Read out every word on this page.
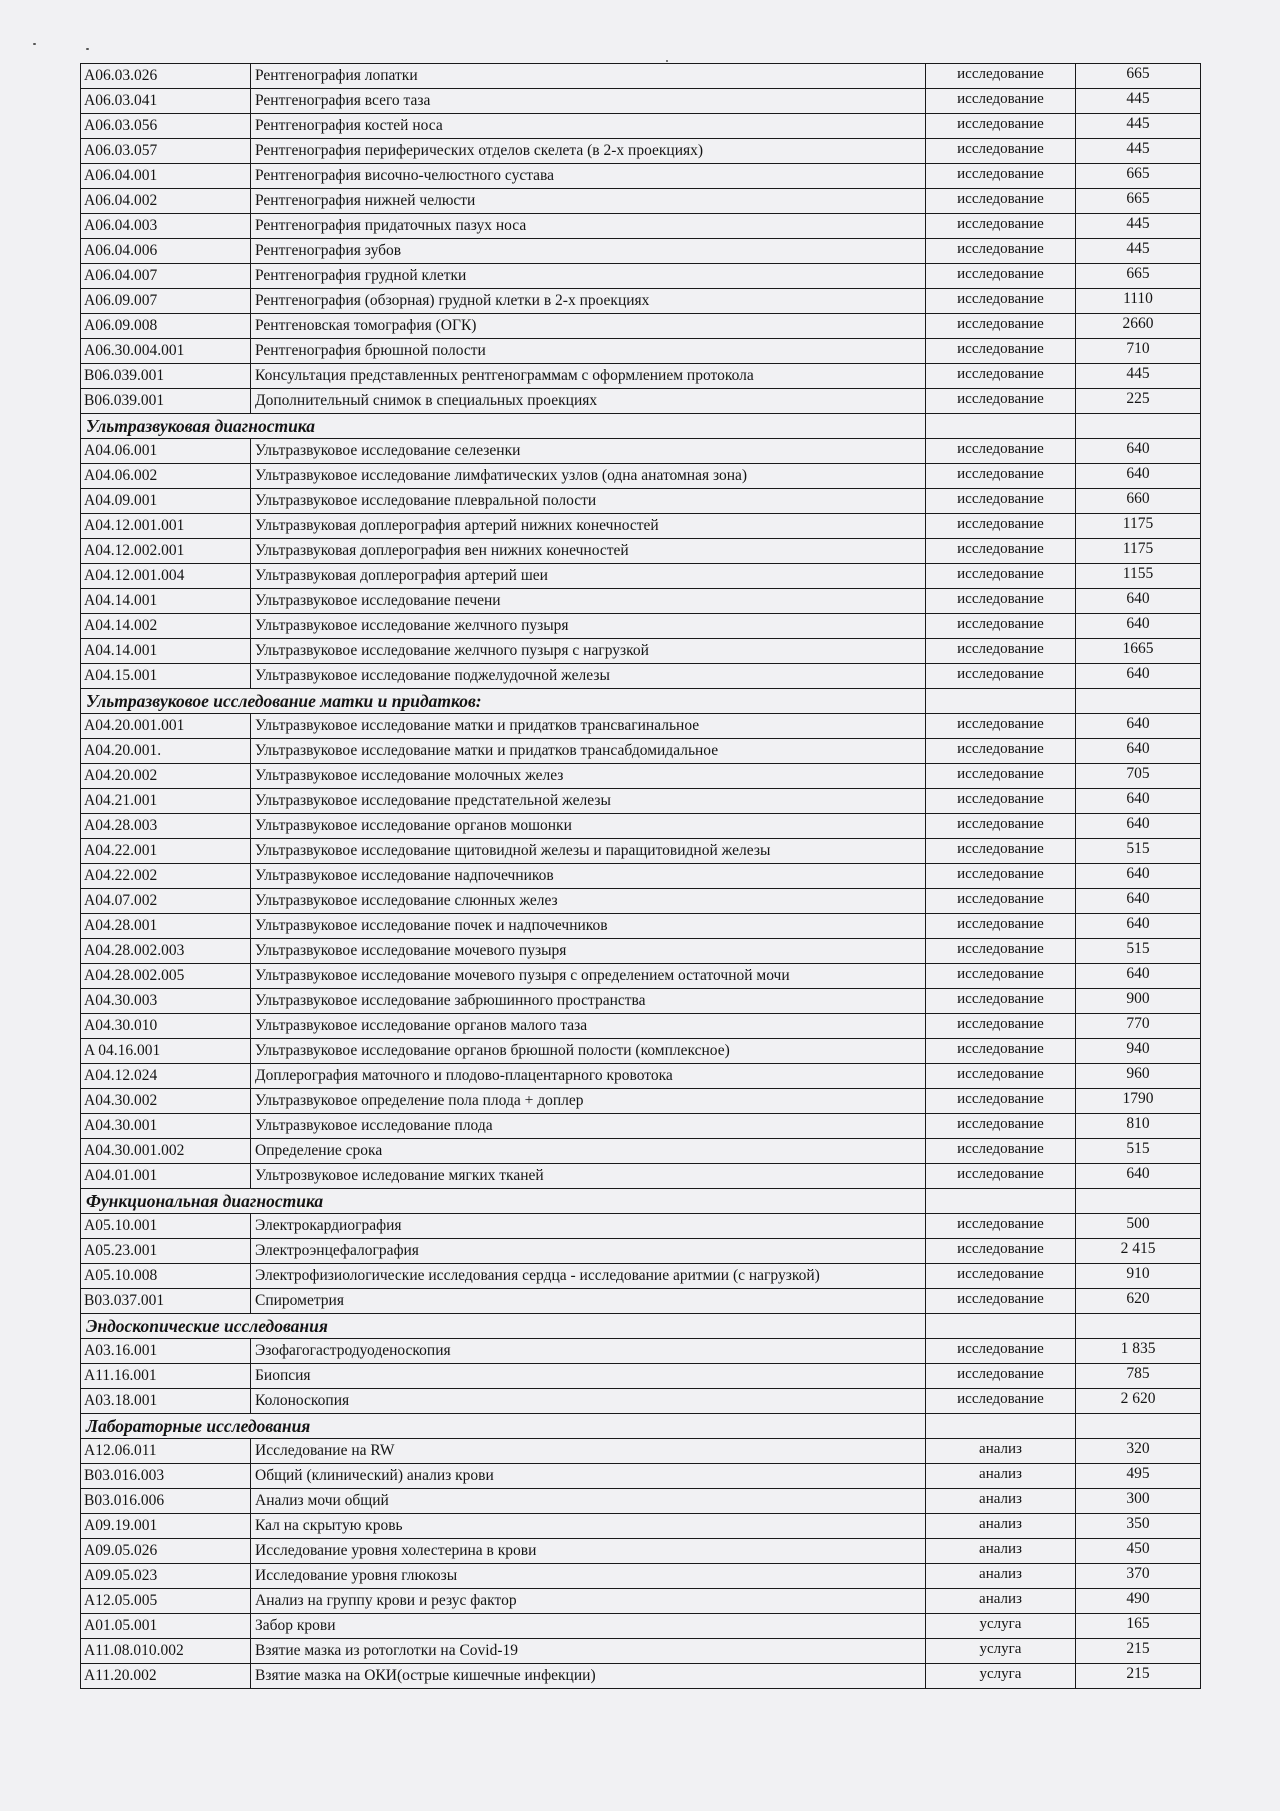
A06.03.026	Рентгенография лопатки	исследование	665
A06.03.041	Рентгенография всего таза	исследование	445
A06.03.056	Рентгенография костей носа	исследование	445
A06.03.057	Рентгенография периферических отделов скелета (в 2-х проекциях)	исследование	445
A06.04.001	Рентгенография височно-челюстного сустава	исследование	665
A06.04.002	Рентгенография нижней челюсти	исследование	665
A06.04.003	Рентгенография придаточных пазух носа	исследование	445
A06.04.006	Рентгенография зубов	исследование	445
A06.04.007	Рентгенография грудной клетки	исследование	665
A06.09.007	Рентгенография (обзорная) грудной клетки в 2-х проекциях	исследование	1110
A06.09.008	Рентгеновская томография (ОГК)	исследование	2660
A06.30.004.001	Рентгенография брюшной полости	исследование	710
B06.039.001	Консультация представленных рентгенограммам с оформлением протокола	исследование	445
B06.039.001	Дополнительный снимок в специальных проекциях	исследование	225
Ультразвуковая диагностика			
A04.06.001	Ультразвуковое исследование селезенки	исследование	640
A04.06.002	Ультразвуковое исследование лимфатических узлов (одна анатомная зона)	исследование	640
A04.09.001	Ультразвуковое исследование плевральной полости	исследование	660
A04.12.001.001	Ультразвуковая доплерография артерий нижних конечностей	исследование	1175
A04.12.002.001	Ультразвуковая доплерография вен нижних конечностей	исследование	1175
A04.12.001.004	Ультразвуковая доплерография артерий шеи	исследование	1155
A04.14.001	Ультразвуковое исследование печени	исследование	640
A04.14.002	Ультразвуковое исследование желчного пузыря	исследование	640
A04.14.001	Ультразвуковое исследование желчного пузыря с нагрузкой	исследование	1665
A04.15.001	Ультразвуковое исследование поджелудочной железы	исследование	640
Ультразвуковое исследование матки и придатков:			
A04.20.001.001	Ультразвуковое исследование матки и придатков трансвагинальное	исследование	640
A04.20.001.	Ультразвуковое исследование матки и придатков трансабдомидальное	исследование	640
A04.20.002	Ультразвуковое исследование молочных желез	исследование	705
A04.21.001	Ультразвуковое исследование предстательной железы	исследование	640
A04.28.003	Ультразвуковое исследование органов мошонки	исследование	640
A04.22.001	Ультразвуковое исследование щитовидной железы и паращитовидной железы	исследование	515
A04.22.002	Ультразвуковое исследование надпочечников	исследование	640
A04.07.002	Ультразвуковое исследование слюнных желез	исследование	640
A04.28.001	Ультразвуковое исследование почек и надпочечников	исследование	640
A04.28.002.003	Ультразвуковое исследование мочевого пузыря	исследование	515
A04.28.002.005	Ультразвуковое исследование мочевого пузыря с определением остаточной мочи	исследование	640
A04.30.003	Ультразвуковое исследование забрюшинного пространства	исследование	900
A04.30.010	Ультразвуковое исследование органов малого таза	исследование	770
A 04.16.001	Ультразвуковое исследование органов брюшной полости (комплексное)	исследование	940
A04.12.024	Доплерография маточного и плодово-плацентарного кровотока	исследование	960
A04.30.002	Ультразвуковое определение пола плода + доплер	исследование	1790
A04.30.001	Ультразвуковое исследование плода	исследование	810
A04.30.001.002	Определение срока	исследование	515
A04.01.001	Ультрозвуковое иследование мягких тканей	исследование	640
Функциональная диагностика			
A05.10.001	Электрокардиография	исследование	500
A05.23.001	Электроэнцефалография	исследование	2 415
A05.10.008	Электрофизиологические исследования сердца - исследование аритмии (с нагрузкой)	исследование	910
B03.037.001	Спирометрия	исследование	620
Эндоскопические исследования			
A03.16.001	Эзофагогастродуоденоскопия	исследование	1 835
A11.16.001	Биопсия	исследование	785
A03.18.001	Колоноскопия	исследование	2 620
Лабораторные исследования			
A12.06.011	Исследование на RW	анализ	320
B03.016.003	Общий (клинический) анализ крови	анализ	495
B03.016.006	Анализ мочи общий	анализ	300
A09.19.001	Кал на скрытую кровь	анализ	350
A09.05.026	Исследование уровня холестерина в крови	анализ	450
A09.05.023	Исследование уровня глюкозы	анализ	370
A12.05.005	Анализ на группу крови и резус фактор	анализ	490
A01.05.001	Забор крови	услуга	165
A11.08.010.002	Взятие мазка из ротоглотки на Covid-19	услуга	215
A11.20.002	Взятие мазка на ОКИ(острые кишечные инфекции)	услуга	215
